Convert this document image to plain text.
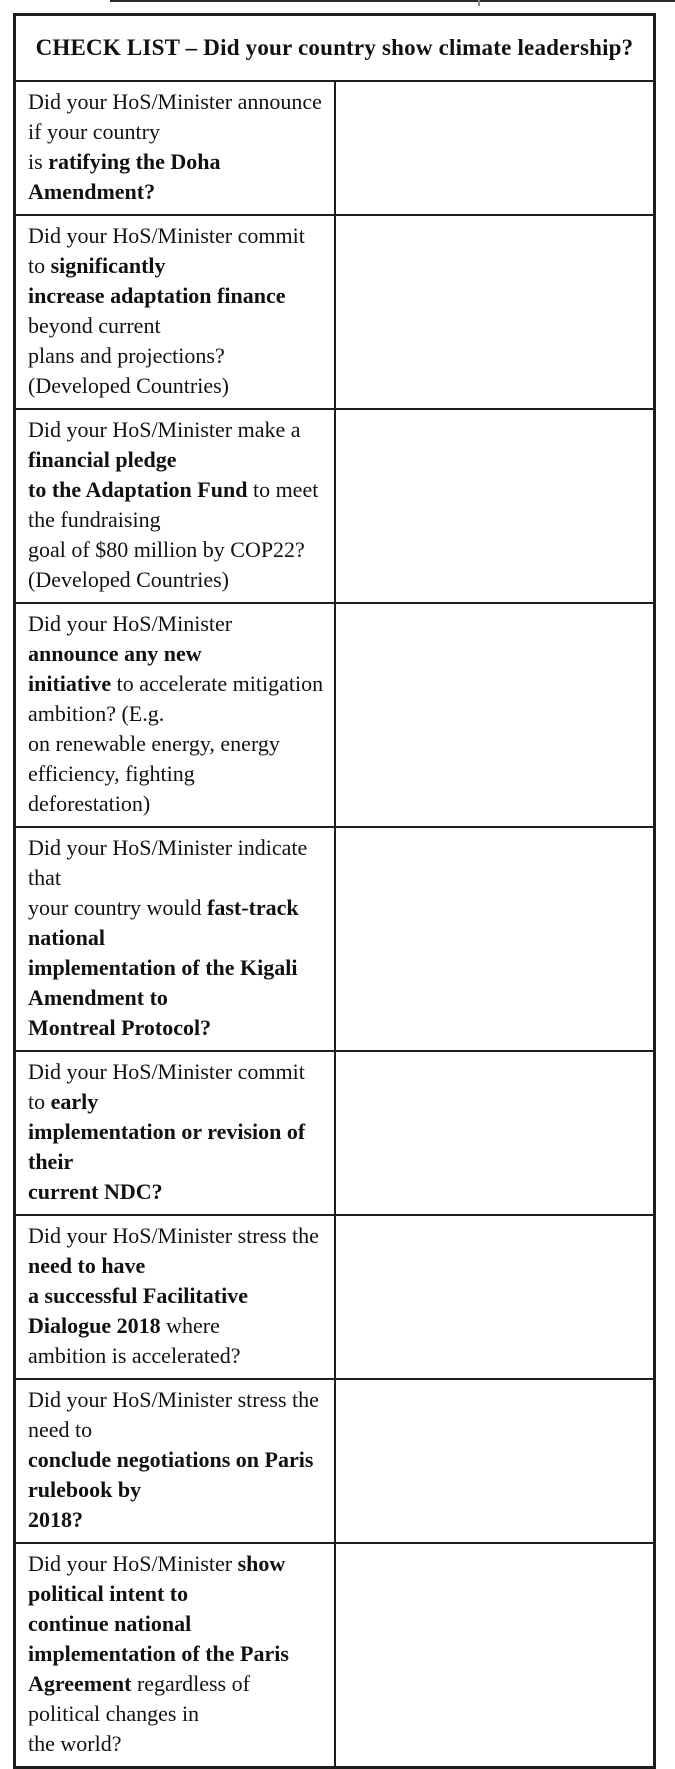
CHECK LIST – Did your country show climate leadership?	

Did your HoS/Minister announce if your country
is ratifying the Doha Amendment?	

Did your HoS/Minister commit to significantly
increase adaptation finance beyond current
plans and projections? (Developed Countries)	

Did your HoS/Minister make a financial pledge
to the Adaptation Fund to meet the fundraising
goal of $80 million by COP22?
(Developed Countries)	

Did your HoS/Minister announce any new
initiative to accelerate mitigation ambition? (E.g.
on renewable energy, energy efficiency, fighting
deforestation)	

Did your HoS/Minister indicate that
your country would fast-track national
implementation of the Kigali Amendment to
Montreal Protocol?	

Did your HoS/Minister commit to early
implementation or revision of their
current NDC?	

Did your HoS/Minister stress the need to have
a successful Facilitative Dialogue 2018 where
ambition is accelerated?	

Did your HoS/Minister stress the need to
conclude negotiations on Paris rulebook by
2018?	

Did your HoS/Minister show political intent to
continue national implementation of the Paris
Agreement regardless of political changes in
the world?	
